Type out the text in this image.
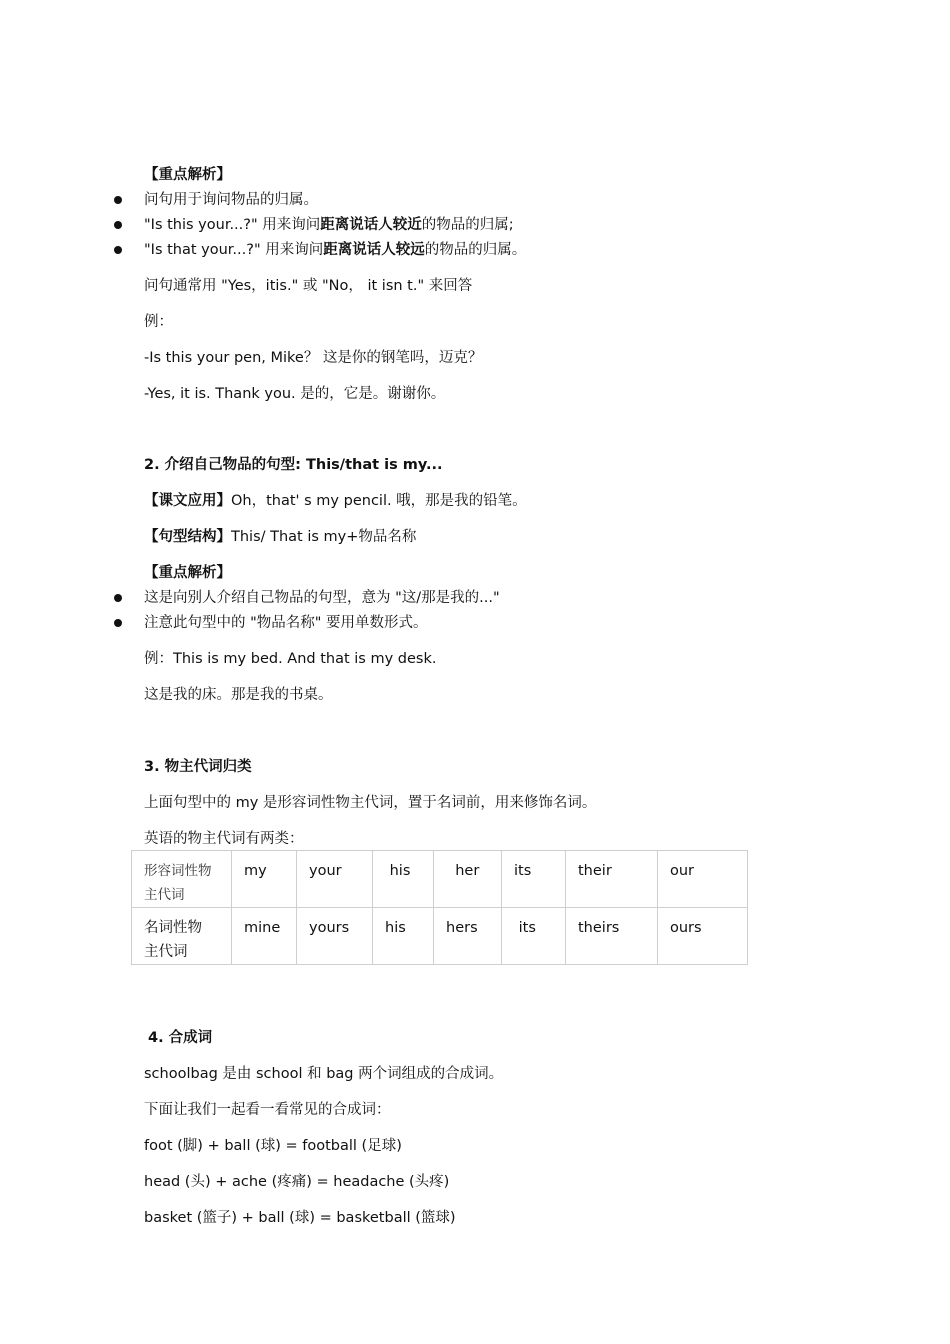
【重点解析】
问句用于询问物品的归属。
"Is this your...?" 用来询问距离说话人较近的物品的归属;
"Is that your...?" 用来询问距离说话人较远的物品的归属。
问句通常用 "Yes，itis." 或 "No， it isn t." 来回答
例：
-Is this your pen, Mike？ 这是你的钢笔吗，迈克？
-Yes, it is. Thank you. 是的，它是。谢谢你。
2. 介绍自己物品的句型: This/that is my...
【课文应用】Oh，that' s my pencil. 哦，那是我的铅笔。
【句型结构】This/ That is my+物品名称
【重点解析】
这是向别人介绍自己物品的句型，意为 "这/那是我的..."
注意此句型中的 "物品名称" 要用单数形式。
例：This is my bed. And that is my desk.
这是我的床。那是我的书桌。
3. 物主代词归类
上面句型中的 my 是形容词性物主代词，置于名词前，用来修饰名词。
英语的物主代词有两类：
形容词性物
主代词	my	your	his	her	its	their	our
名词性物
主代词	mine	yours	his	hers	its	theirs	ours
4. 合成词
schoolbag 是由 school 和 bag 两个词组成的合成词。
下面让我们一起看一看常见的合成词：
foot (脚) + ball (球) = football (足球)
head (头) + ache (疼痛) = headache (头疼)
basket (篮子) + ball (球) = basketball (篮球)
